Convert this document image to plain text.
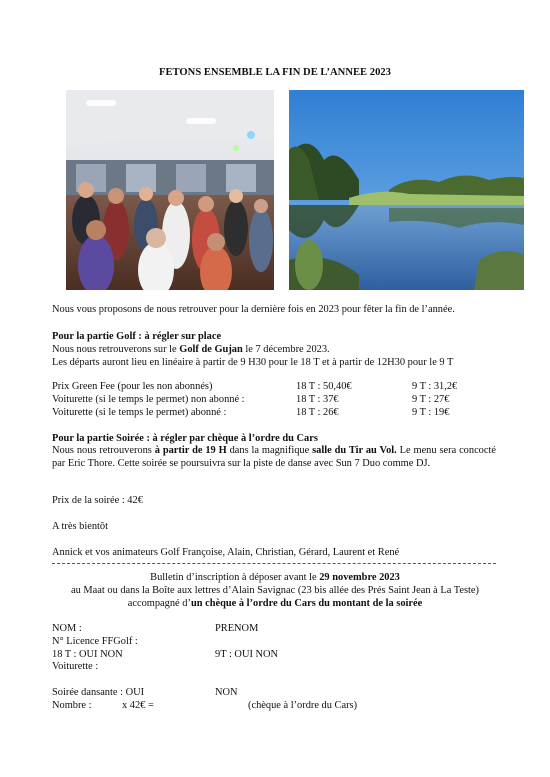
FETONS ENSEMBLE LA FIN DE L’ANNEE 2023
Nous vous proposons de nous retrouver pour la dernière fois en 2023 pour fêter la fin de l’année.
Pour la partie Golf : à régler sur place
Nous nous retrouverons sur le Golf de Gujan le 7 décembre 2023.
Les départs auront lieu en linéaire à partir de 9 H30 pour le 18 T et à partir de 12H30 pour le 9 T
Prix Green Fee (pour les non abonnés)	18 T : 50,40€	9 T : 31,2€
Voiturette (si le temps le permet) non abonné :	18 T : 37€	9 T : 27€
Voiturette (si le temps le permet) abonné :	18 T : 26€	9 T : 19€
Pour la partie Soirée : à régler par chèque à l’ordre du Cars
Nous nous retrouverons à partir de 19 H dans la magnifique salle du Tir au Vol. Le menu sera concocté par Eric Thore. Cette soirée se poursuivra sur la piste de danse avec Sun 7 Duo comme DJ.
Prix de la soirée : 42€
A très bientôt
Annick et vos animateurs Golf Françoise, Alain, Christian, Gérard, Laurent et René
Bulletin d’inscription à déposer avant le 29 novembre 2023
au Maat ou dans la Boîte aux lettres d’Alain Savignac (23 bis allée des Prés Saint Jean à La Teste)
accompagné d’un chèque à l’ordre du Cars du montant de la soirée
NOM :	PRENOM
N° Licence FFGolf :
18 T : OUI NON	9T : OUI NON
Voiturette :
Soirée dansante : OUI	NON
Nombre :	x 42€ =	(chèque à l’ordre du Cars)
